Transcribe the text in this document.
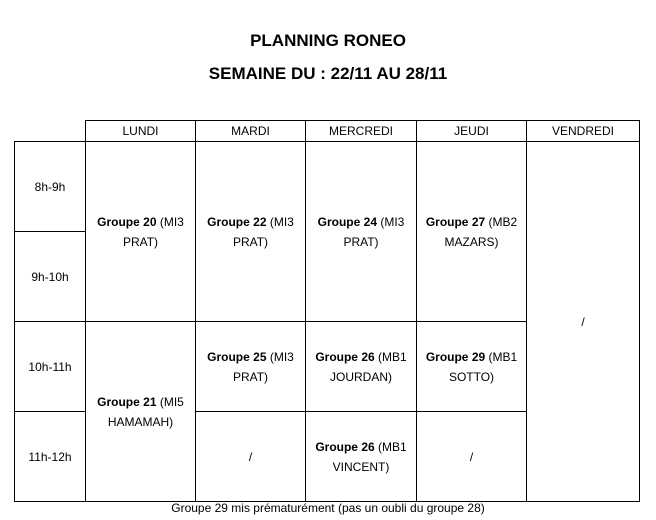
PLANNING RONEO
SEMAINE DU : 22/11 AU 28/11
	LUNDI	MARDI	MERCREDI	JEUDI	VENDREDI
8h-9h	Groupe 20 (MI3 PRAT)	Groupe 22 (MI3 PRAT)	Groupe 24 (MI3 PRAT)	Groupe 27 (MB2 MAZARS)	/
9h-10h					
10h-11h	Groupe 21 (MI5 HAMAMAH)	Groupe 25 (MI3 PRAT)	Groupe 26 (MB1 JOURDAN)	Groupe 29 (MB1 SOTTO)	
11h-12h		/	Groupe 26 (MB1 VINCENT)	/	
Groupe 29 mis prématurément (pas un oubli du groupe 28)
